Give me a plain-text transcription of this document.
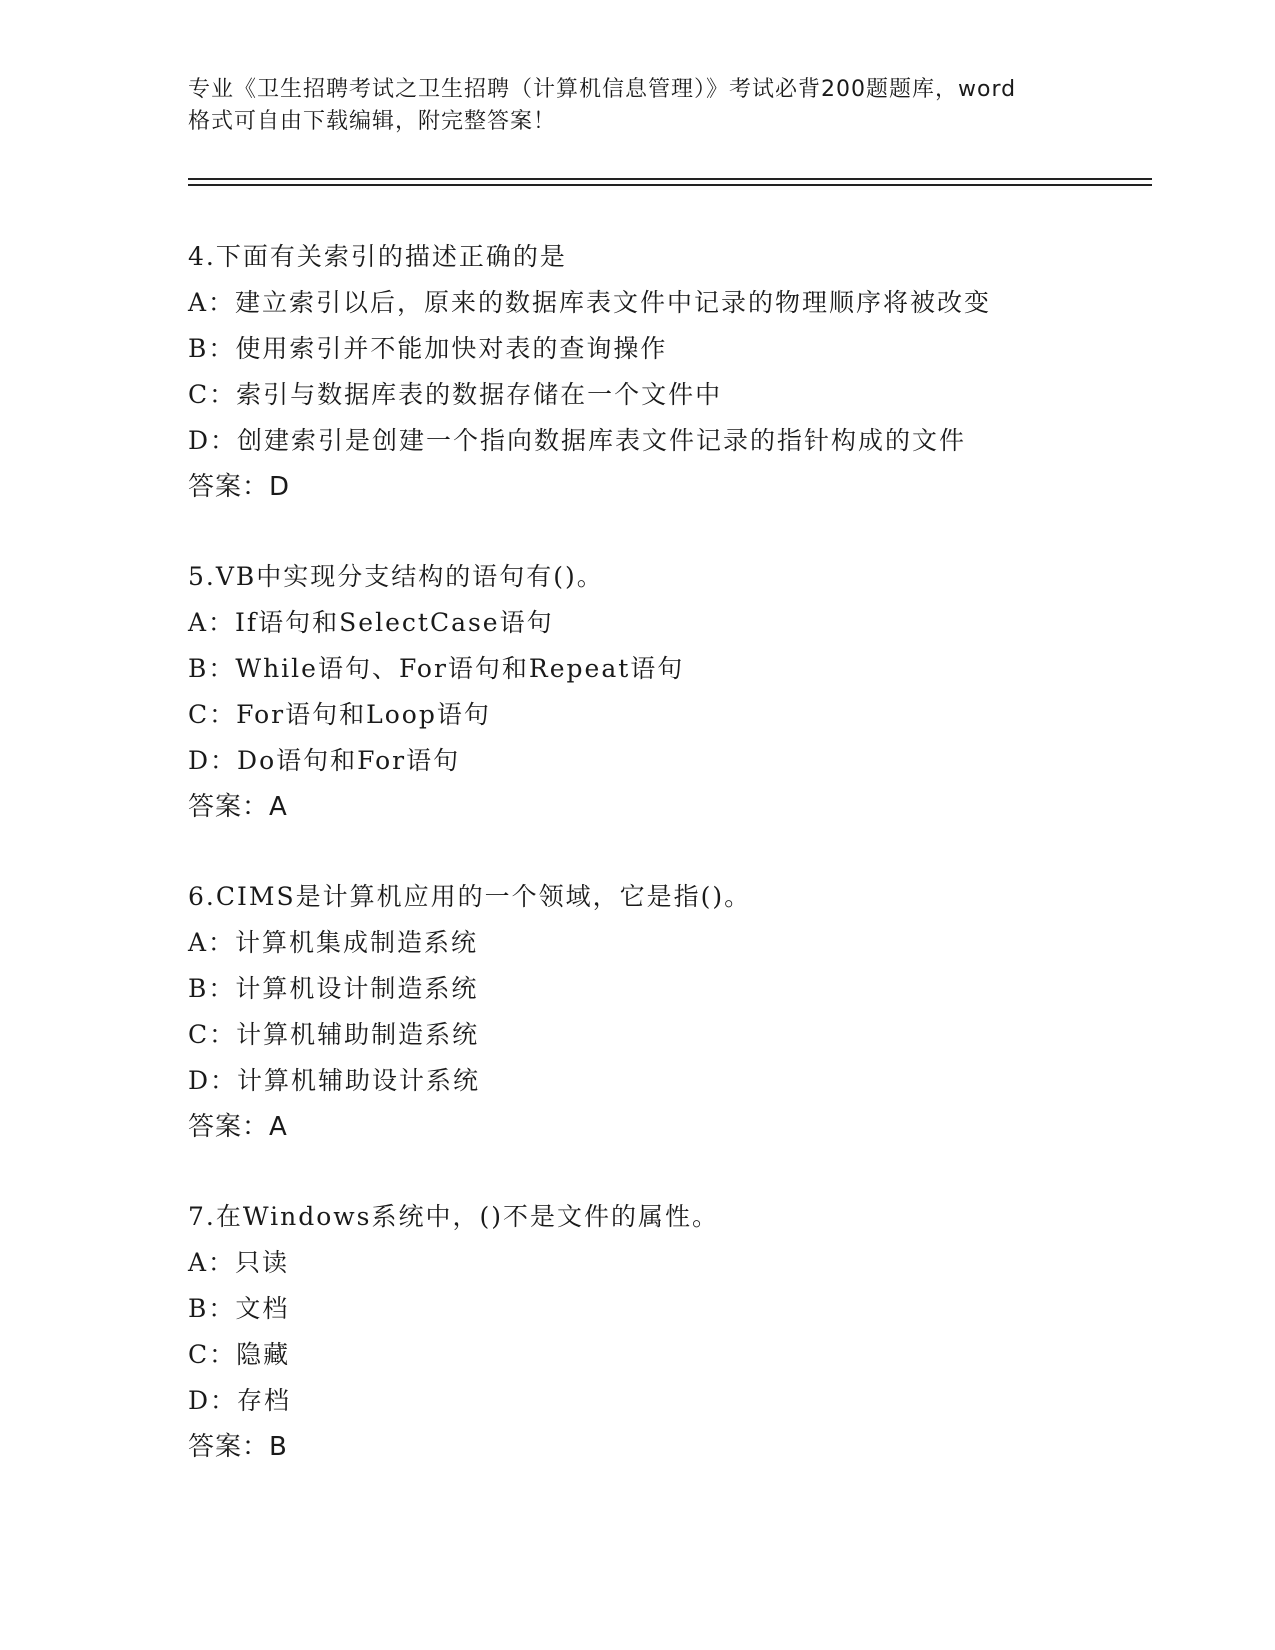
专业《卫生招聘考试之卫生招聘（计算机信息管理）》考试必背200题题库，word
格式可自由下载编辑，附完整答案！
4.下面有关索引的描述正确的是
A：建立索引以后，原来的数据库表文件中记录的物理顺序将被改变
B：使用索引并不能加快对表的查询操作
C：索引与数据库表的数据存储在一个文件中
D：创建索引是创建一个指向数据库表文件记录的指针构成的文件
答案：D
5.VB中实现分支结构的语句有()。
A：If语句和SelectCase语句
B：While语句、For语句和Repeat语句
C：For语句和Loop语句
D：Do语句和For语句
答案：A
6.CIMS是计算机应用的一个领域，它是指()。
A：计算机集成制造系统
B：计算机设计制造系统
C：计算机辅助制造系统
D：计算机辅助设计系统
答案：A
7.在Windows系统中，()不是文件的属性。
A：只读
B：文档
C：隐藏
D：存档
答案：B
